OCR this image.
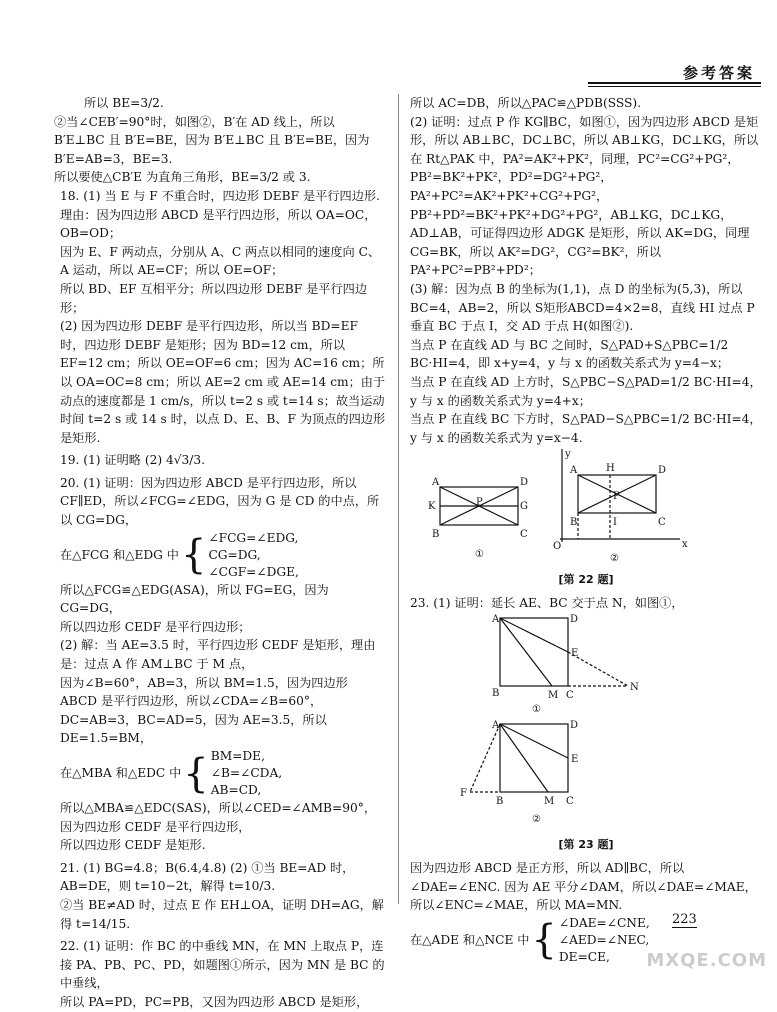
参考答案

所以 BE=3/2.

②当∠CEB′=90°时，如图②，B′在 AD 线上，所以 B′E⊥BC 且 B′E=BE，因为 B′E⊥BC 且 B′E=BE，因为 B′E=AB=3，BE=3.

所以要使△CB′E 为直角三角形，BE=3/2 或 3.

18. (1) 当 E 与 F 不重合时，四边形 DEBF 是平行四边形.

理由：因为四边形 ABCD 是平行四边形，所以 OA=OC，OB=OD；

因为 E、F 两动点，分别从 A、C 两点以相同的速度向 C、A 运动，所以 AE=CF；所以 OE=OF；

所以 BD、EF 互相平分；所以四边形 DEBF 是平行四边形；

(2) 因为四边形 DEBF 是平行四边形，所以当 BD=EF 时，四边形 DEBF 是矩形；因为 BD=12 cm，所以 EF=12 cm；所以 OE=OF=6 cm；因为 AC=16 cm；所以 OA=OC=8 cm；所以 AE=2 cm 或 AE=14 cm；由于动点的速度都是 1 cm/s，所以 t=2 s 或 t=14 s；故当运动时间 t=2 s 或 14 s 时，以点 D、E、B、F 为顶点的四边形是矩形.

19. (1) 证明略 (2) 4√3/3.

20. (1) 证明：因为四边形 ABCD 是平行四边形，所以 CF∥ED，所以∠FCG=∠EDG，因为 G 是 CD 的中点，所以 CG=DG，

在△FCG 和△EDG 中 { ∠FCG=∠EDG,
CG=DG,
∠CGF=∠DGE,

所以△FCG≌△EDG(ASA)，所以 FG=EG，因为 CG=DG，

所以四边形 CEDF 是平行四边形；

(2) 解：当 AE=3.5 时，平行四边形 CEDF 是矩形，理由是：过点 A 作 AM⊥BC 于 M 点，

因为∠B=60°，AB=3，所以 BM=1.5，因为四边形 ABCD 是平行四边形，所以∠CDA=∠B=60°，DC=AB=3，BC=AD=5，因为 AE=3.5，所以 DE=1.5=BM，

在△MBA 和△EDC 中 { BM=DE,
∠B=∠CDA,
AB=CD,

所以△MBA≌△EDC(SAS)，所以∠CED=∠AMB=90°，因为四边形 CEDF 是平行四边形，

所以四边形 CEDF 是矩形.

21. (1) BG=4.8；B(6.4,4.8) (2) ①当 BE=AD 时，AB=DE，则 t=10−2t，解得 t=10/3.

②当 BE≠AD 时，过点 E 作 EH⊥OA，证明 DH=AG，解得 t=14/15.

22. (1) 证明：作 BC 的中垂线 MN，在 MN 上取点 P，连接 PA、PB、PC、PD，如题图①所示，因为 MN 是 BC 的中垂线，

所以 PA=PD，PC=PB，又因为四边形 ABCD 是矩形，

所以 AC=DB，所以△PAC≌△PDB(SSS).

(2) 证明：过点 P 作 KG∥BC，如图①，因为四边形 ABCD 是矩形，所以 AB⊥BC，DC⊥BC，所以 AB⊥KG，DC⊥KG，所以在 Rt△PAK 中，PA²=AK²+PK²，同理，PC²=CG²+PG²，PB²=BK²+PK²，PD²=DG²+PG²，PA²+PC²=AK²+PK²+CG²+PG²，PB²+PD²=BK²+PK²+DG²+PG²，AB⊥KG，DC⊥KG，AD⊥AB，可证得四边形 ADGK 是矩形，所以 AK=DG，同理 CG=BK，所以 AK²=DG²，CG²=BK²，所以 PA²+PC²=PB²+PD²；

(3) 解：因为点 B 的坐标为(1,1)，点 D 的坐标为(5,3)，所以 BC=4，AB=2，所以 S矩形ABCD=4×2=8，直线 HI 过点 P 垂直 BC 于点 I，交 AD 于点 H(如图②).

当点 P 在直线 AD 与 BC 之间时，S△PAD+S△PBC=1/2 BC·HI=4，即 x+y=4，y 与 x 的函数关系式为 y=4−x；

当点 P 在直线 AD 上方时，S△PBC−S△PAD=1/2 BC·HI=4，y 与 x 的函数关系式为 y=4+x；

当点 P 在直线 BC 下方时，S△PAD−S△PBC=1/2 BC·HI=4，y 与 x 的函数关系式为 y=x−4.

A	D
K	P	G
B	C
①
y
x
A	H	D
P
B	I	C
O
②
[第 22 题]

23. (1) 证明：延长 AE、BC 交于点 N，如图①，

A	D
E
B	M C
N
①
A	D
E
F
B	M C
②
[第 23 题]

因为四边形 ABCD 是正方形，所以 AD∥BC，所以∠DAE=∠ENC. 因为 AE 平分∠DAM，所以∠DAE=∠MAE，所以∠ENC=∠MAE，所以 MA=MN.

在△ADE 和△NCE 中 { ∠DAE=∠CNE,
∠AED=∠NEC,
DE=CE,
223
MXQE.COM
